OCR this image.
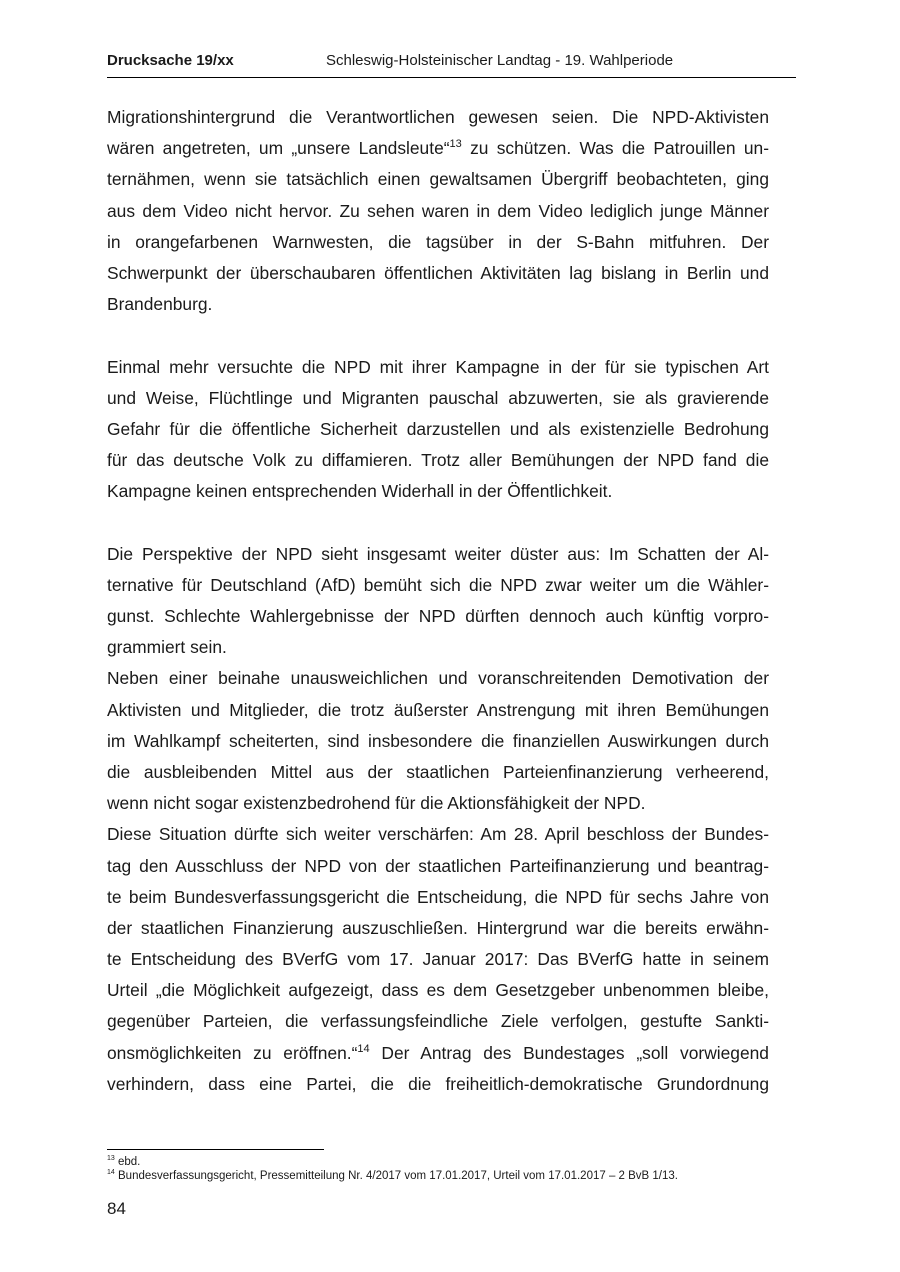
Drucksache 19/xx	Schleswig-Holsteinischer Landtag - 19. Wahlperiode
Migrationshintergrund die Verantwortlichen gewesen seien. Die NPD-Aktivisten
wären angetreten, um „unsere Landsleute“$^{13}$ zu schützen. Was die Patrouillen un-
ternähmen, wenn sie tatsächlich einen gewaltsamen Übergriff beobachteten, ging
aus dem Video nicht hervor. Zu sehen waren in dem Video lediglich junge Männer
in orangefarbenen Warnwesten, die tagsüber in der S-Bahn mitfuhren. Der
Schwerpunkt der überschaubaren öffentlichen Aktivitäten lag bislang in Berlin und
Brandenburg.
Einmal mehr versuchte die NPD mit ihrer Kampagne in der für sie typischen Art
und Weise, Flüchtlinge und Migranten pauschal abzuwerten, sie als gravierende
Gefahr für die öffentliche Sicherheit darzustellen und als existenzielle Bedrohung
für das deutsche Volk zu diffamieren. Trotz aller Bemühungen der NPD fand die
Kampagne keinen entsprechenden Widerhall in der Öffentlichkeit.
Die Perspektive der NPD sieht insgesamt weiter düster aus: Im Schatten der Al-
ternative für Deutschland (AfD) bemüht sich die NPD zwar weiter um die Wähler-
gunst. Schlechte Wahlergebnisse der NPD dürften dennoch auch künftig vorpro-
grammiert sein.
Neben einer beinahe unausweichlichen und voranschreitenden Demotivation der
Aktivisten und Mitglieder, die trotz äußerster Anstrengung mit ihren Bemühungen
im Wahlkampf scheiterten, sind insbesondere die finanziellen Auswirkungen durch
die ausbleibenden Mittel aus der staatlichen Parteienfinanzierung verheerend,
wenn nicht sogar existenzbedrohend für die Aktionsfähigkeit der NPD.
Diese Situation dürfte sich weiter verschärfen: Am 28. April beschloss der Bundes-
tag den Ausschluss der NPD von der staatlichen Parteifinanzierung und beantrag-
te beim Bundesverfassungsgericht die Entscheidung, die NPD für sechs Jahre von
der staatlichen Finanzierung auszuschließen. Hintergrund war die bereits erwähn-
te Entscheidung des BVerfG vom 17. Januar 2017: Das BVerfG hatte in seinem
Urteil „die Möglichkeit aufgezeigt, dass es dem Gesetzgeber unbenommen bleibe,
gegenüber Parteien, die verfassungsfeindliche Ziele verfolgen, gestufte Sankti-
onsmöglichkeiten zu eröffnen.“$^{14}$ Der Antrag des Bundestages „soll vorwiegend
verhindern, dass eine Partei, die die freiheitlich-demokratische Grundordnung
$^{13}$ ebd.
$^{14}$ Bundesverfassungsgericht, Pressemitteilung Nr. 4/2017 vom 17.01.2017, Urteil vom 17.01.2017 – 2 BvB 1/13.
84
